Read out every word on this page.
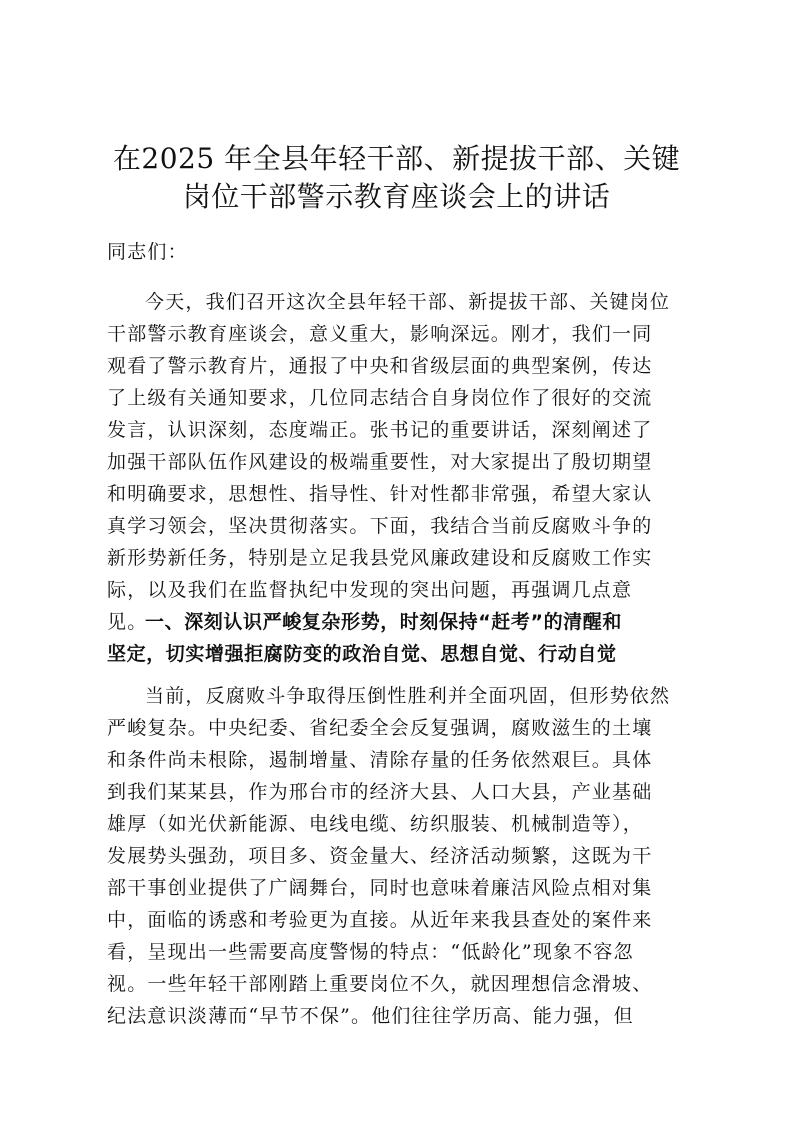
在2025 年全县年轻干部、新提拔干部、关键
岗位干部警示教育座谈会上的讲话
同志们：
今天，我们召开这次全县年轻干部、新提拔干部、关键岗位
干部警示教育座谈会，意义重大，影响深远。刚才，我们一同
观看了警示教育片，通报了中央和省级层面的典型案例，传达
了上级有关通知要求，几位同志结合自身岗位作了很好的交流
发言，认识深刻，态度端正。张书记的重要讲话，深刻阐述了
加强干部队伍作风建设的极端重要性，对大家提出了殷切期望
和明确要求，思想性、指导性、针对性都非常强，希望大家认
真学习领会，坚决贯彻落实。下面，我结合当前反腐败斗争的
新形势新任务，特别是立足我县党风廉政建设和反腐败工作实
际，以及我们在监督执纪中发现的突出问题，再强调几点意
见。
一、深刻认识严峻复杂形势，时刻保持“赶考”的清醒和
坚定，切实增强拒腐防变的政治自觉、思想自觉、行动自觉
当前，反腐败斗争取得压倒性胜利并全面巩固，但形势依然
严峻复杂。中央纪委、省纪委全会反复强调，腐败滋生的土壤
和条件尚未根除，遏制增量、清除存量的任务依然艰巨。具体
到我们某某县，作为邢台市的经济大县、人口大县，产业基础
雄厚（如光伏新能源、电线电缆、纺织服装、机械制造等），
发展势头强劲，项目多、资金量大、经济活动频繁，这既为干
部干事创业提供了广阔舞台，同时也意味着廉洁风险点相对集
中，面临的诱惑和考验更为直接。从近年来我县查处的案件来
看，呈现出一些需要高度警惕的特点：“低龄化”现象不容忽
视。一些年轻干部刚踏上重要岗位不久，就因理想信念滑坡、
纪法意识淡薄而“早节不保”。他们往往学历高、能力强，但
